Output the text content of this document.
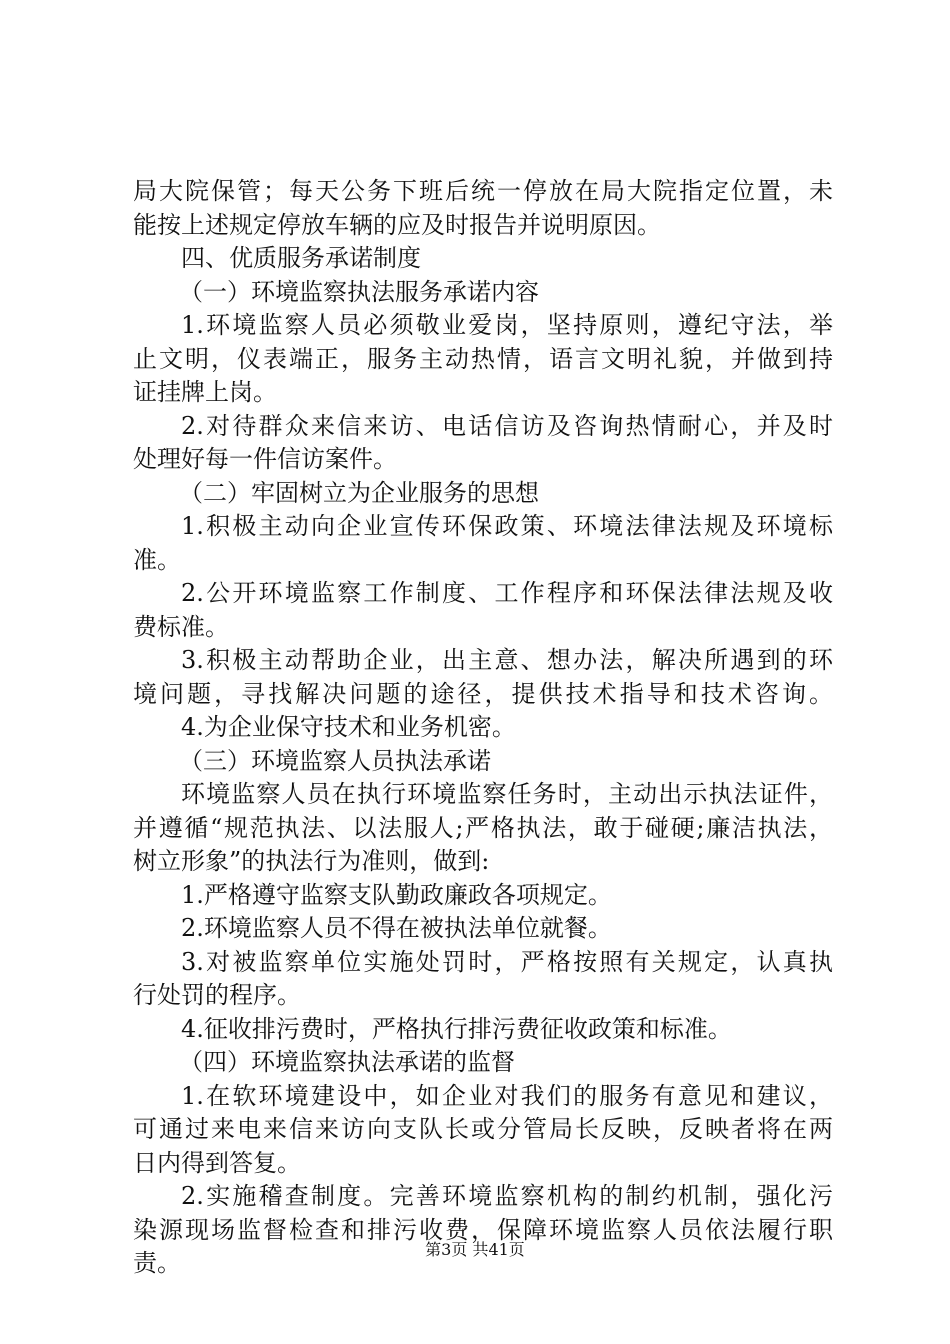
局大院保管；每天公务下班后统一停放在局大院指定位置，未
能按上述规定停放车辆的应及时报告并说明原因。
四、优质服务承诺制度
（一）环境监察执法服务承诺内容
1.环境监察人员必须敬业爱岗，坚持原则，遵纪守法，举
止文明，仪表端正，服务主动热情，语言文明礼貌，并做到持
证挂牌上岗。
2.对待群众来信来访、电话信访及咨询热情耐心，并及时
处理好每一件信访案件。
（二）牢固树立为企业服务的思想
1.积极主动向企业宣传环保政策、环境法律法规及环境标
准。
2.公开环境监察工作制度、工作程序和环保法律法规及收
费标准。
3.积极主动帮助企业，出主意、想办法，解决所遇到的环
境问题，寻找解决问题的途径，提供技术指导和技术咨询。
4.为企业保守技术和业务机密。
（三）环境监察人员执法承诺
环境监察人员在执行环境监察任务时，主动出示执法证件，
并遵循“规范执法、以法服人;严格执法，敢于碰硬;廉洁执法，
树立形象”的执法行为准则，做到:
1.严格遵守监察支队勤政廉政各项规定。
2.环境监察人员不得在被执法单位就餐。
3.对被监察单位实施处罚时，严格按照有关规定，认真执
行处罚的程序。
4.征收排污费时，严格执行排污费征收政策和标准。
（四）环境监察执法承诺的监督
1.在软环境建设中，如企业对我们的服务有意见和建议，
可通过来电来信来访向支队长或分管局长反映，反映者将在两
日内得到答复。
2.实施稽查制度。完善环境监察机构的制约机制，强化污
染源现场监督检查和排污收费，保障环境监察人员依法履行职
责。	第3页 共41页
